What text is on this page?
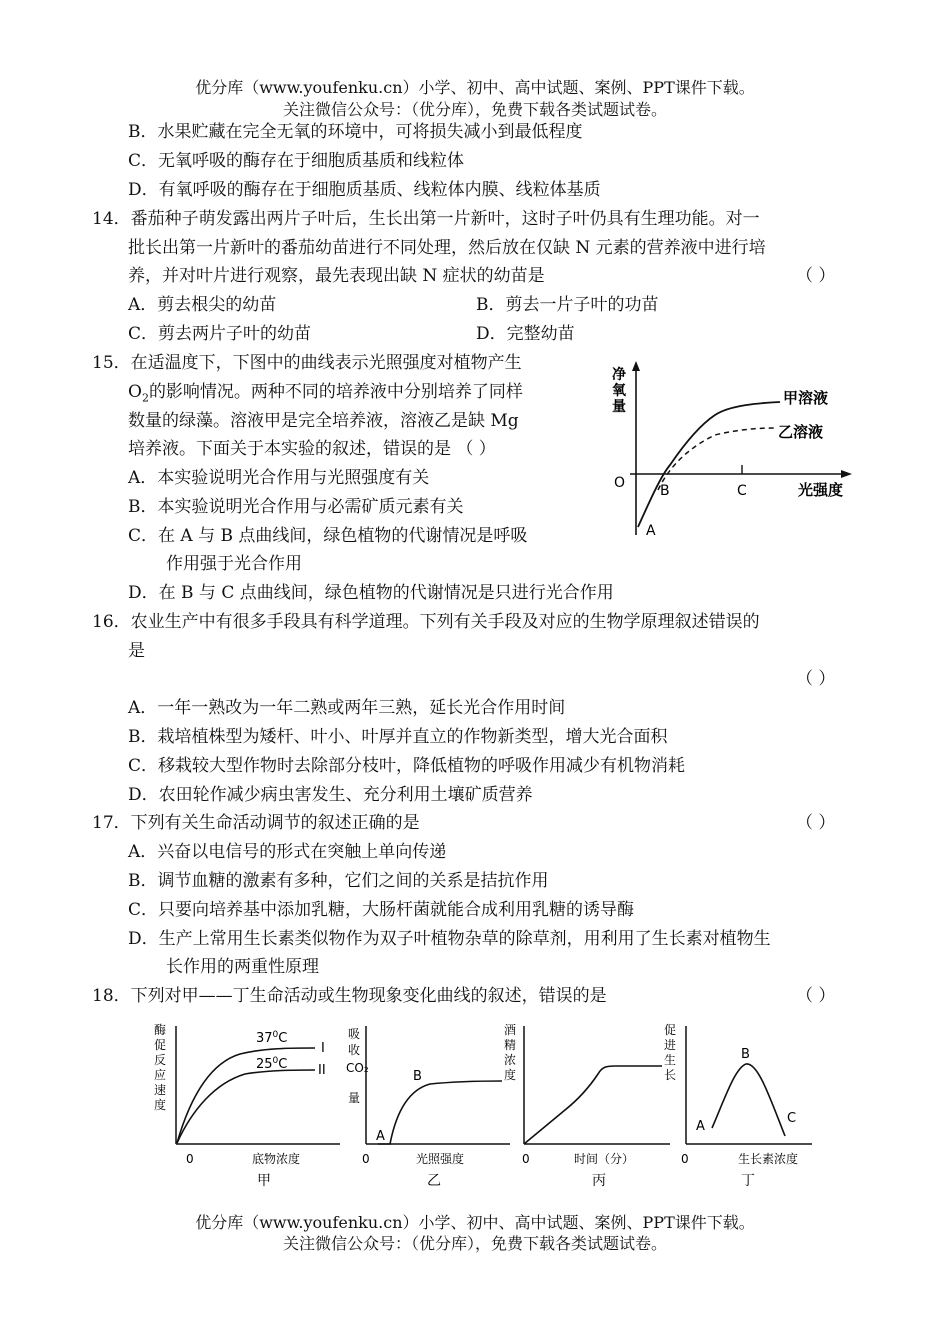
优分库（www.youfenku.cn）小学、初中、高中试题、案例、PPT课件下载。
关注微信公众号：（优分库），免费下载各类试题试卷。
B．水果贮藏在完全无氧的环境中，可将损失减小到最低程度
C．无氧呼吸的酶存在于细胞质基质和线粒体
D．有氧呼吸的酶存在于细胞质基质、线粒体内膜、线粒体基质
14．番茄种子萌发露出两片子叶后，生长出第一片新叶，这时子叶仍具有生理功能。对一
批长出第一片新叶的番茄幼苗进行不同处理，然后放在仅缺 N 元素的营养液中进行培
养，并对叶片进行观察，最先表现出缺 N 症状的幼苗是	（ ）
A．剪去根尖的幼苗	B．剪去一片子叶的功苗
C．剪去两片子叶的幼苗	D．完整幼苗
15．在适温度下，下图中的曲线表示光照强度对植物产生
$O_2$的影响情况。两种不同的培养液中分别培养了同样
数量的绿藻。溶液甲是完全培养液，溶液乙是缺 Mg
培养液。下面关于本实验的叙述，错误的是 （ ）
A．本实验说明光合作用与光照强度有关
B．本实验说明光合作用与必需矿质元素有关
C．在 A 与 B 点曲线间，绿色植物的代谢情况是呼吸
作用强于光合作用
D．在 B 与 C 点曲线间，绿色植物的代谢情况是只进行光合作用
净
氧
量
O	光强度
甲溶液
乙溶液
A
B	C
16．农业生产中有很多手段具有科学道理。下列有关手段及对应的生物学原理叙述错误的
是
（ ）
A．一年一熟改为一年二熟或两年三熟，延长光合作用时间
B．栽培植株型为矮杆、叶小、叶厚并直立的作物新类型，增大光合面积
C．移栽较大型作物时去除部分枝叶，降低植物的呼吸作用减少有机物消耗
D．农田轮作减少病虫害发生、充分利用土壤矿质营养
17．下列有关生命活动调节的叙述正确的是	（ ）
A．兴奋以电信号的形式在突触上单向传递
B．调节血糖的激素有多种，它们之间的关系是拮抗作用
C．只要向培养基中添加乳糖，大肠杆菌就能合成利用乳糖的诱导酶
D．生产上常用生长素类似物作为双子叶植物杂草的除草剂，用利用了生长素对植物生
长作用的两重性原理
18．下列对甲——丁生命活动或生物现象变化曲线的叙述，错误的是	（ ）
酶
促
反
应
速
度
$37^0C$
$25^0C$
I
II
0	底物浓度
甲
吸
收
CO₂
量
A
B
0	光照强度
乙
酒
精
浓
度
0	时间（分）
丙
促
进
生
长
A
B
C
0	生长素浓度
丁
优分库（www.youfenku.cn）小学、初中、高中试题、案例、PPT课件下载。
关注微信公众号：（优分库），免费下载各类试题试卷。
